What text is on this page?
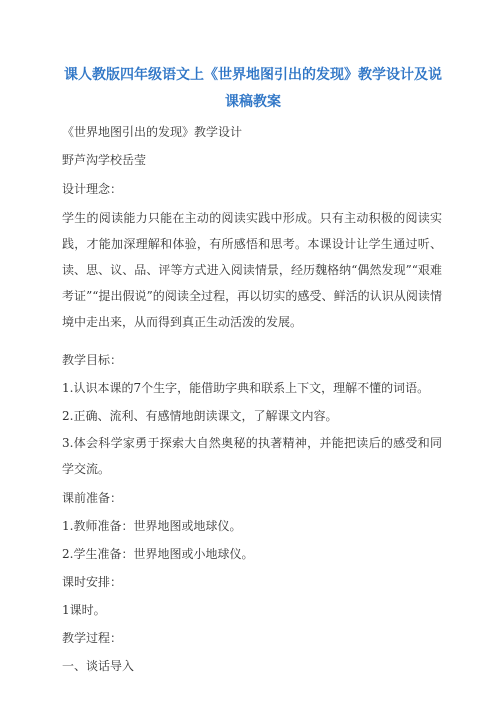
课人教版四年级语文上《世界地图引出的发现》教学设计及说课稿教案
《世界地图引出的发现》教学设计
野芦沟学校岳莹
设计理念：
学生的阅读能力只能在主动的阅读实践中形成。只有主动积极的阅读实践，才能加深理解和体验，有所感悟和思考。本课设计让学生通过听、读、思、议、品、评等方式进入阅读情景，经历魏格纳“偶然发现”“艰难考证”“提出假说”的阅读全过程，再以切实的感受、鲜活的认识从阅读情境中走出来，从而得到真正生动活泼的发展。
教学目标：
1.认识本课的7个生字，能借助字典和联系上下文，理解不懂的词语。
2.正确、流利、有感情地朗读课文，了解课文内容。
3.体会科学家勇于探索大自然奥秘的执著精神，并能把读后的感受和同学交流。
课前准备：
1.教师准备：世界地图或地球仪。
2.学生准备：世界地图或小地球仪。
课时安排：
1课时。
教学过程：
一、谈话导入
